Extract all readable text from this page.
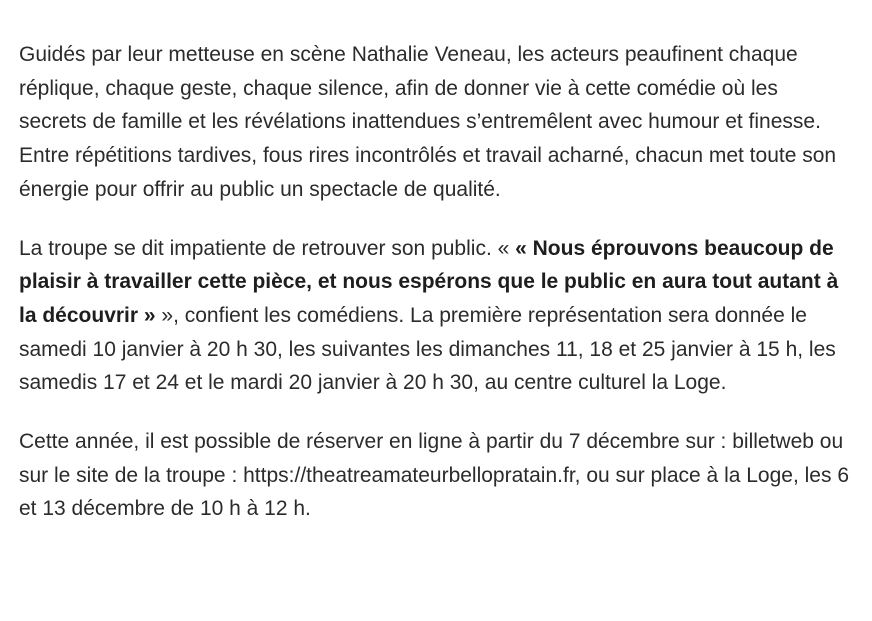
Guidés par leur metteuse en scène Nathalie Veneau, les acteurs peaufinent chaque réplique, chaque geste, chaque silence, afin de donner vie à cette comédie où les secrets de famille et les révélations inattendues s’entremêlent avec humour et finesse. Entre répétitions tardives, fous rires incontrôlés et travail acharné, chacun met toute son énergie pour offrir au public un spectacle de qualité.

La troupe se dit impatiente de retrouver son public. « « Nous éprouvons beaucoup de plaisir à travailler cette pièce, et nous espérons que le public en aura tout autant à la découvrir » », confient les comédiens. La première représentation sera donnée le samedi 10 janvier à 20 h 30, les suivantes les dimanches 11, 18 et 25 janvier à 15 h, les samedis 17 et 24 et le mardi 20 janvier à 20 h 30, au centre culturel la Loge.

Cette année, il est possible de réserver en ligne à partir du 7 décembre sur : billetweb ou sur le site de la troupe : https://theatreamateurbellopratain.fr, ou sur place à la Loge, les 6 et 13 décembre de 10 h à 12 h.
